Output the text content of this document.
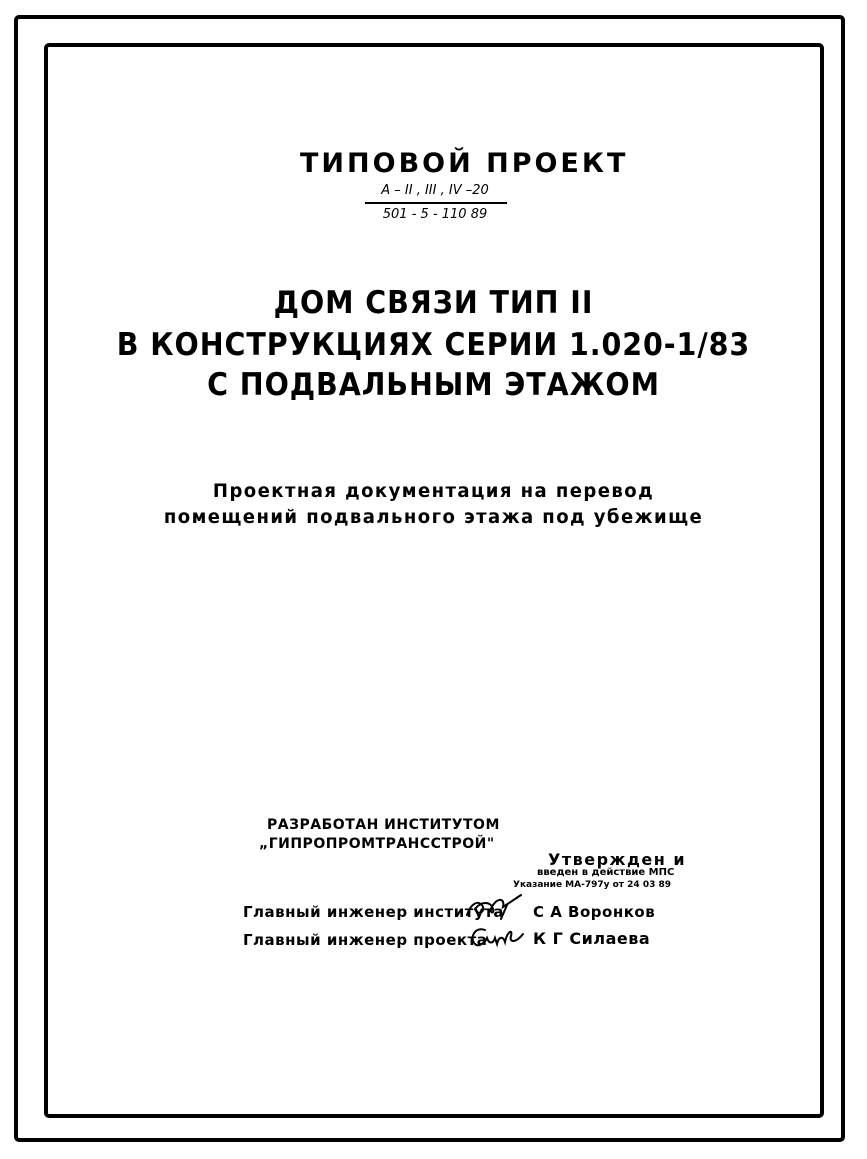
ТИПОВОЙ ПРОЕКТ
А – II , III , IV –20
501 - 5 - 110 89
ДОМ СВЯЗИ ТИП II
В КОНСТРУКЦИЯХ СЕРИИ 1.020-1/83
С ПОДВАЛЬНЫМ ЭТАЖОМ
Проектная документация на перевод
помещений подвального этажа под убежище
РАЗРАБОТАН ИНСТИТУТОМ
„ГИПРОПРОМТРАНССТРОЙ"
Утвержден и
введен в действие МПС
Указание МА-797у от 24 03 89
Главный инженер института С А Воронков
Главный инженер проекта	К Г Силаева
